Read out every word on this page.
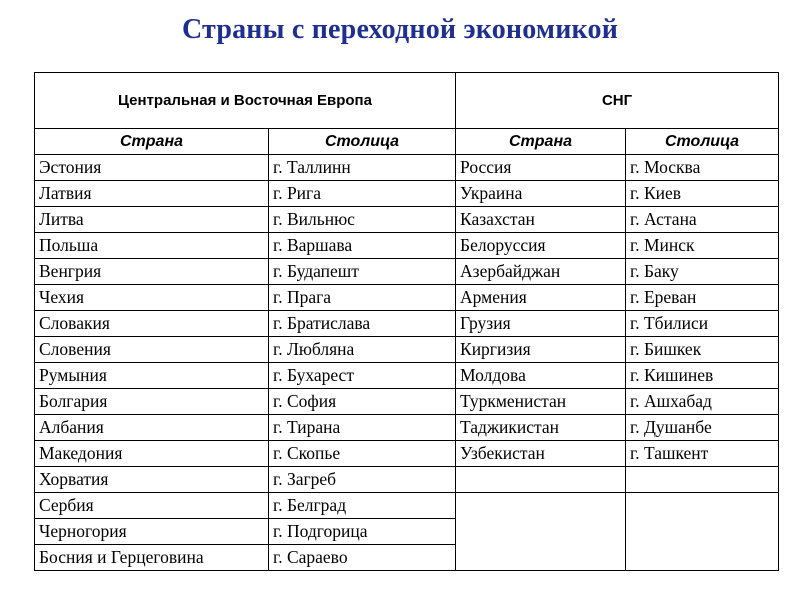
Страны с переходной экономикой
Центральная и Восточная Европа		СНГ	
Страна	Столица	Страна	Столица
Эстония	г. Таллинн	Россия	г. Москва
Латвия	г. Рига	Украина	г. Киев
Литва	г. Вильнюс	Казахстан	г. Астана
Польша	г. Варшава	Белоруссия	г. Минск
Венгрия	г. Будапешт	Азербайджан	г. Баку
Чехия	г. Прага	Армения	г. Ереван
Словакия	г. Братислава	Грузия	г. Тбилиси
Словения	г. Любляна	Киргизия	г. Бишкек
Румыния	г. Бухарест	Молдова	г. Кишинев
Болгария	г. София	Туркменистан	г. Ашхабад
Албания	г. Тирана	Таджикистан	г. Душанбе
Македония	г. Скопье	Узбекистан	г. Ташкент
Хорватия	г. Загреб		
Сербия	г. Белград		
Черногория	г. Подгорица		
Босния и Герцеговина	г. Сараево		
